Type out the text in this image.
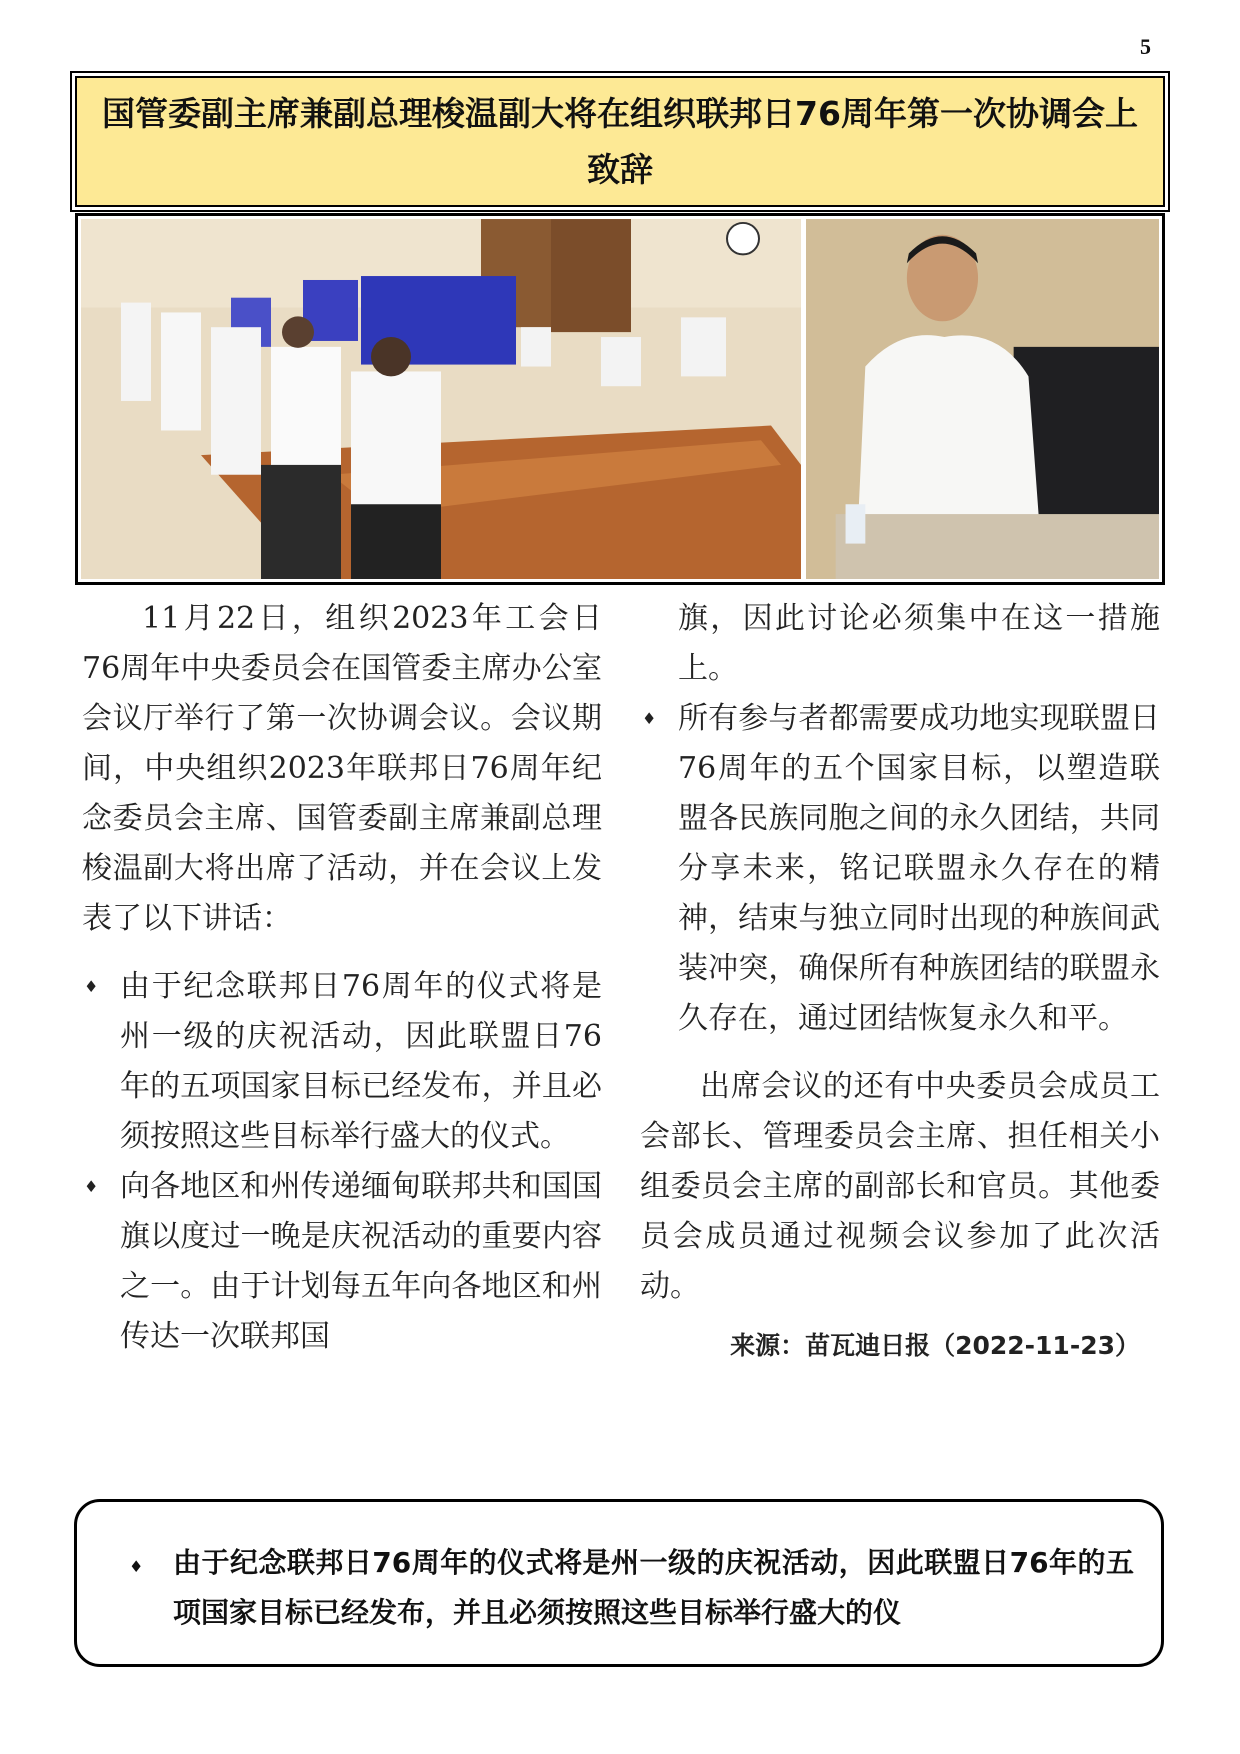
5
国管委副主席兼副总理梭温副大将在组织联邦日76周年第一次协调会上致辞

11月22日，组织2023年工会日76周年中央委员会在国管委主席办公室会议厅举行了第一次协调会议。会议期间，中央组织2023年联邦日76周年纪念委员会主席、国管委副主席兼副总理梭温副大将出席了活动，并在会议上发表了以下讲话：

♦ 由于纪念联邦日76周年的仪式将是州一级的庆祝活动，因此联盟日76年的五项国家目标已经发布，并且必须按照这些目标举行盛大的仪式。

♦ 向各地区和州传递缅甸联邦共和国国旗以度过一晚是庆祝活动的重要内容之一。由于计划每五年向各地区和州传达一次联邦国

旗，因此讨论必须集中在这一措施上。

♦ 所有参与者都需要成功地实现联盟日76周年的五个国家目标，以塑造联盟各民族同胞之间的永久团结，共同分享未来，铭记联盟永久存在的精神，结束与独立同时出现的种族间武装冲突，确保所有种族团结的联盟永久存在，通过团结恢复永久和平。

出席会议的还有中央委员会成员工会部长、管理委员会主席、担任相关小组委员会主席的副部长和官员。其他委员会成员通过视频会议参加了此次活动。

来源：苗瓦迪日报（2022-11-23）
♦ 由于纪念联邦日76周年的仪式将是州一级的庆祝活动，因此联盟日76年的五项国家目标已经发布，并且必须按照这些目标举行盛大的仪
